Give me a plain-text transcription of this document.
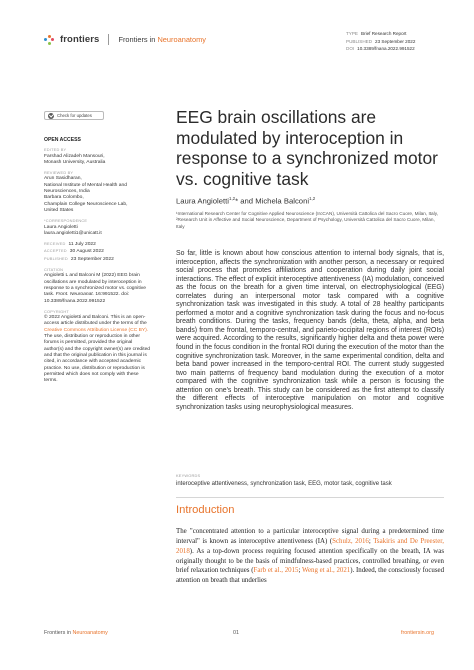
frontiers	Frontiers in Neuroanatomy
TYPE Brief Research Report
PUBLISHED 23 September 2022
DOI 10.3389/fnana.2022.991522
Check for updates
OPEN ACCESS
EDITED BY
Farshad Alizadeh Mansouri,
Monash University, Australia
REVIEWED BY
Arun Sasidharan,
National Institute of Mental Health and
Neurosciences, India
Barbara Colombo,
Champlain College Neuroscience Lab,
United States
*CORRESPONDENCE
Laura Angioletti
laura.angioletti1@unicatt.it
RECEIVED 11 July 2022
ACCEPTED 30 August 2022
PUBLISHED 23 September 2022
CITATION
Angioletti L and Balconi M (2022) EEG brain oscillations are modulated by interoception in response to a synchronized motor vs. cognitive task. Front. Neuroanat. 16:991522. doi: 10.3389/fnana.2022.991522
COPYRIGHT
© 2022 Angioletti and Balconi. This is an open-access article distributed under the terms of the Creative Commons Attribution License (CC BY). The use, distribution or reproduction in other forums is permitted, provided the original author(s) and the copyright owner(s) are credited and that the original publication in this journal is cited, in accordance with accepted academic practice. No use, distribution or reproduction is permitted which does not comply with these terms.
EEG brain oscillations are modulated by interoception in response to a synchronized motor vs. cognitive task
Laura Angioletti$^{1,2}$* and Michela Balconi$^{1,2}$
¹International Research Center for Cognitive Applied Neuroscience (IrcCAN), Università Cattolica del Sacro Cuore, Milan, Italy, ²Research Unit in Affective and Social Neuroscience, Department of Psychology, Università Cattolica del Sacro Cuore, Milan, Italy

So far, little is known about how conscious attention to internal body signals, that is, interoception, affects the synchronization with another person, a necessary or required social process that promotes affiliations and cooperation during daily joint social interactions. The effect of explicit interoceptive attentiveness (IA) modulation, conceived as the focus on the breath for a given time interval, on electrophysiological (EEG) correlates during an interpersonal motor task compared with a cognitive synchronization task was investigated in this study. A total of 28 healthy participants performed a motor and a cognitive synchronization task during the focus and no-focus breath conditions. During the tasks, frequency bands (delta, theta, alpha, and beta bands) from the frontal, temporo-central, and parieto-occipital regions of interest (ROIs) were acquired. According to the results, significantly higher delta and theta power were found in the focus condition in the frontal ROI during the execution of the motor than the cognitive synchronization task. Moreover, in the same experimental condition, delta and beta band power increased in the temporo-central ROI. The current study suggested two main patterns of frequency band modulation during the execution of a motor compared with the cognitive synchronization task while a person is focusing the attention on one's breath. This study can be considered as the first attempt to classify the different effects of interoceptive manipulation on motor and cognitive synchronization tasks using neurophysiological measures.

KEYWORDS
interoceptive attentiveness, synchronization task, EEG, motor task, cognitive task
Introduction

The "concentrated attention to a particular interoceptive signal during a predetermined time interval" is known as interoceptive attentiveness (IA) (Schulz, 2016; Tsakiris and De Preester, 2018). As a top-down process requiring focused attention specifically on the breath, IA was originally thought to be the basis of mindfulness-based practices, controlled breathing, or even brief relaxation techniques (Farb et al., 2015; Weng et al., 2021). Indeed, the consciously focused attention on breath that underlies

Frontiers in Neuroanatomy	01	frontiersin.org
